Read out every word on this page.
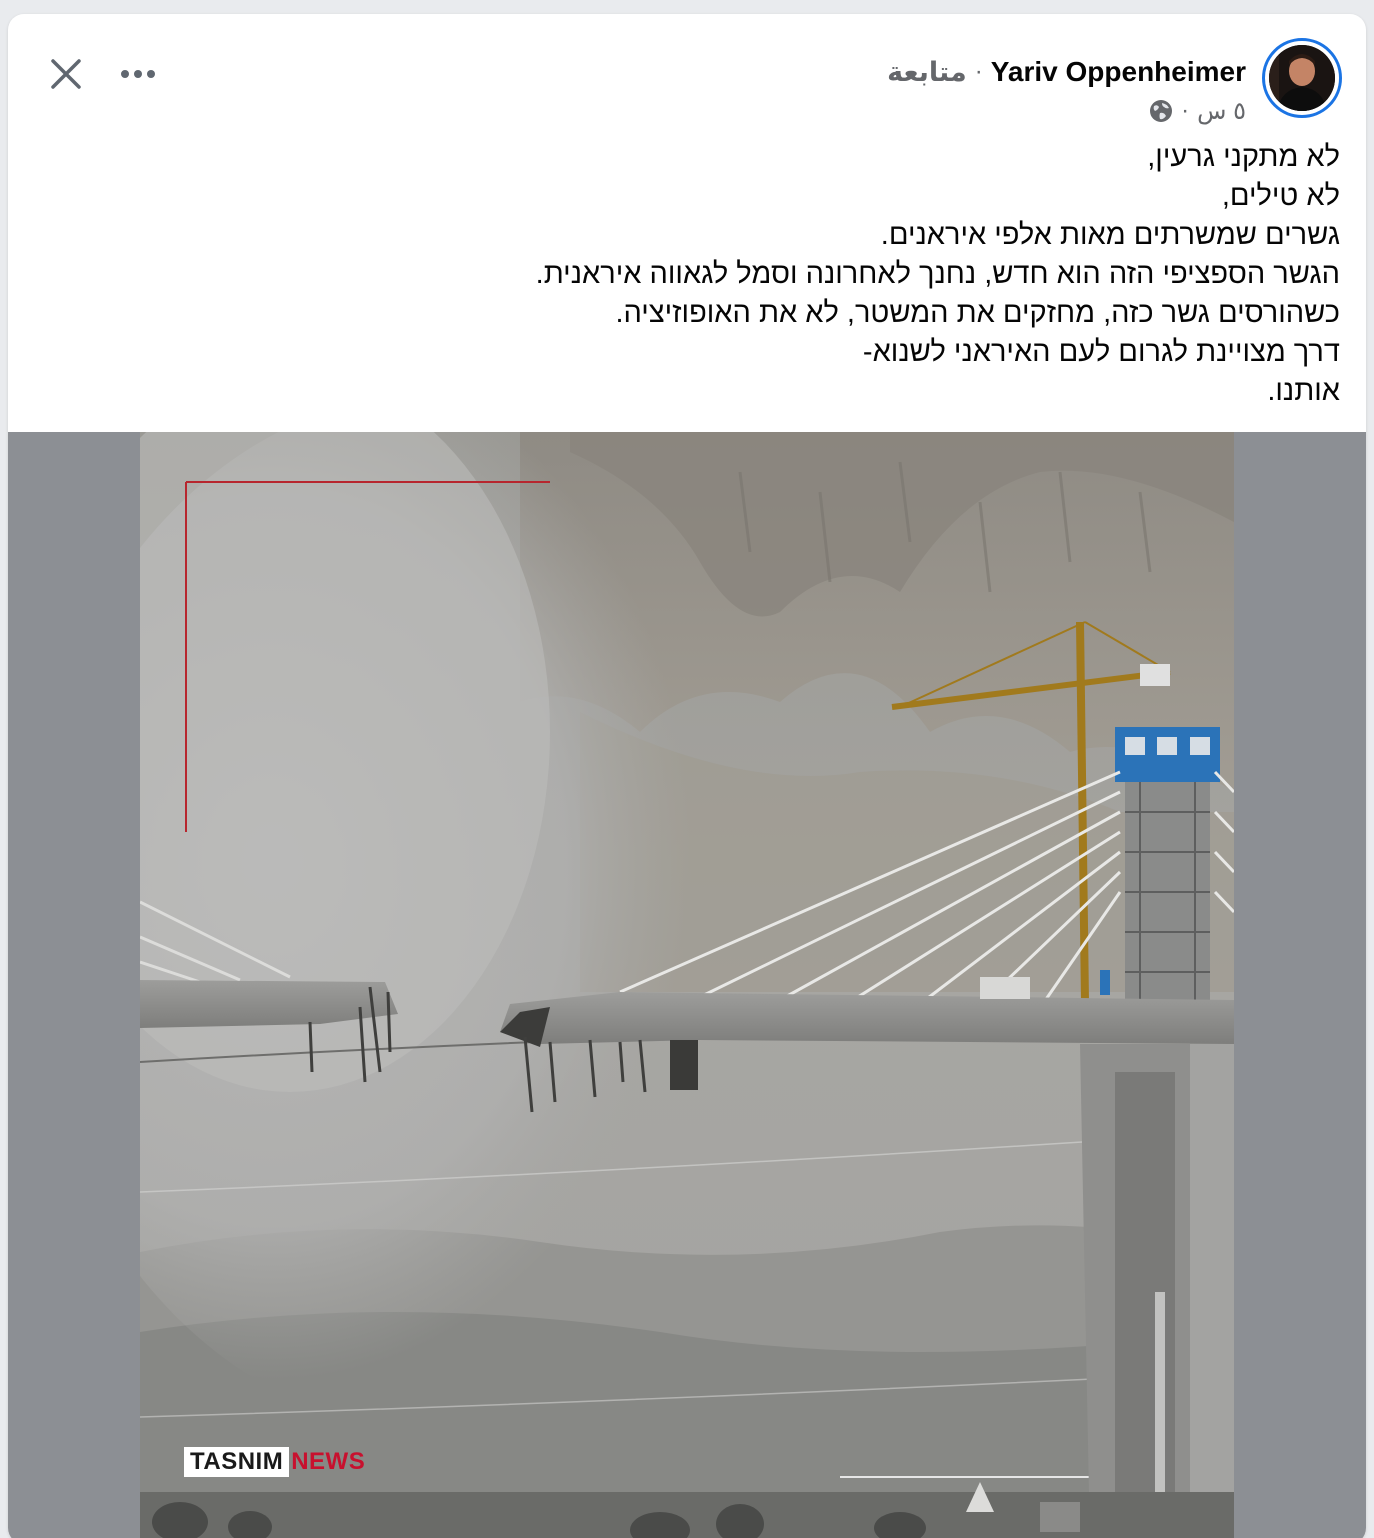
Yariv Oppenheimer
·
متابعة
٥ س
·
לא מתקני גרעין,
לא טילים,
גשרים שמשרתים מאות אלפי איראנים.
הגשר הספציפי הזה הוא חדש, נחנך לאחרונה וסמל לגאווה איראנית.
כשהורסים גשר כזה, מחזקים את המשטר, לא את האופוזיציה.
דרך מצויינת לגרום לעם האיראני לשנוא-
אותנו.
TASNIM NEWS
